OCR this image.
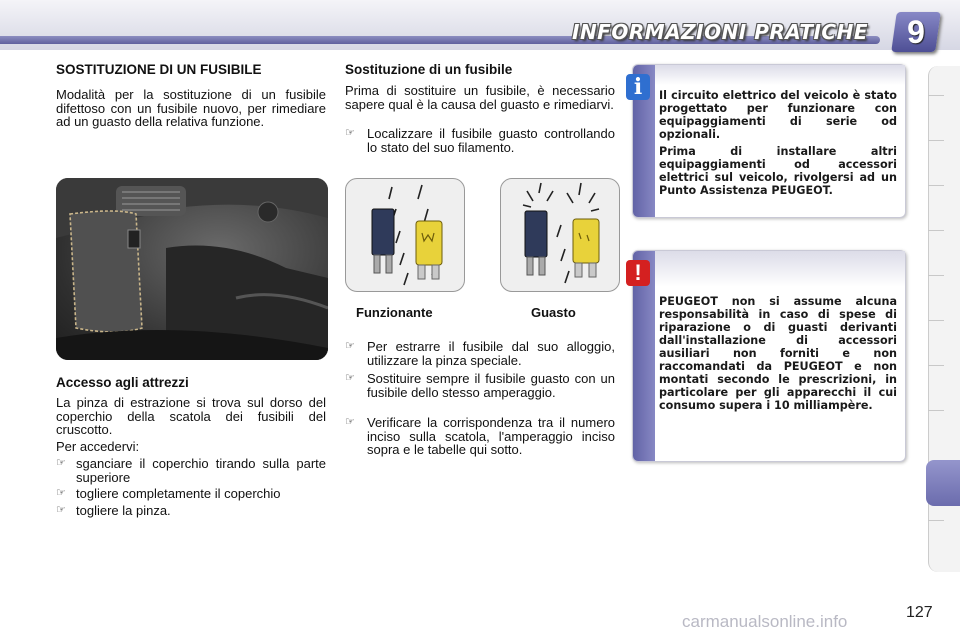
INFORMAZIONI PRATICHE	9
SOSTITUZIONE DI UN FUSIBILE
Modalità per la sostituzione di un fusibile difettoso con un fusibile nuovo, per rimediare ad un guasto della relativa funzione.
Accesso agli attrezzi
La pinza di estrazione si trova sul dorso del coperchio della scatola dei fusibili del cruscotto.
Per accedervi:
☞ sganciare il coperchio tirando sulla parte superiore
☞ togliere completamente il coperchio
☞ togliere la pinza.
Sostituzione di un fusibile
Prima di sostituire un fusibile, è necessario sapere qual è la causa del guasto e rimediarvi.
☞ Localizzare il fusibile guasto controllando lo stato del suo filamento.
Funzionante	Guasto
☞ Per estrarre il fusibile dal suo alloggio, utilizzare la pinza speciale.
☞ Sostituire sempre il fusibile guasto con un fusibile dello stesso amperaggio.
☞ Verificare la corrispondenza tra il numero inciso sulla scatola, l'amperaggio inciso sopra e le tabelle qui sotto.
Il circuito elettrico del veicolo è stato progettato per funzionare con equipaggiamenti di serie od opzionali.
Prima di installare altri equipaggiamenti od accessori elettrici sul veicolo, rivolgersi ad un Punto Assistenza PEUGEOT.
i
PEUGEOT non si assume alcuna responsabilità in caso di spese di riparazione o di guasti derivanti dall'installazione di accessori ausiliari non forniti e non raccomandati da PEUGEOT e non montati secondo le prescrizioni, in particolare per gli apparecchi il cui consumo supera i 10 milliampère.
!
carmanualsonline.info	127
